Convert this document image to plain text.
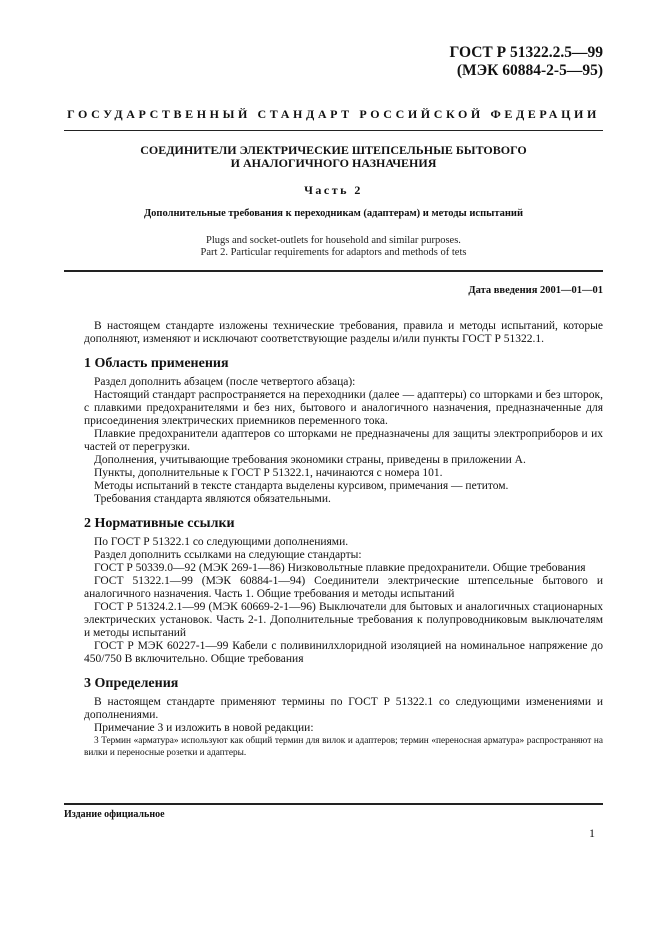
ГОСТ Р 51322.2.5—99
(МЭК 60884-2-5—95)
ГОСУДАРСТВЕННЫЙ СТАНДАРТ РОССИЙСКОЙ ФЕДЕРАЦИИ
СОЕДИНИТЕЛИ ЭЛЕКТРИЧЕСКИЕ ШТЕПСЕЛЬНЫЕ БЫТОВОГО
И АНАЛОГИЧНОГО НАЗНАЧЕНИЯ
Часть 2
Дополнительные требования к переходникам (адаптерам) и методы испытаний
Plugs and socket-outlets for household and similar purposes.
Part 2. Particular requirements for adaptors and methods of tets
Дата введения 2001—01—01

В настоящем стандарте изложены технические требования, правила и методы испытаний, которые дополняют, изменяют и исключают соответствующие разделы и/или пункты ГОСТ Р 51322.1.

1 Область применения

Раздел дополнить абзацем (после четвертого абзаца):

Настоящий стандарт распространяется на переходники (далее — адаптеры) со шторками и без шторок, с плавкими предохранителями и без них, бытового и аналогичного назначения, предназначенные для присоединения электрических приемников переменного тока.

Плавкие предохранители адаптеров со шторками не предназначены для защиты электроприборов и их частей от перегрузки.

Дополнения, учитывающие требования экономики страны, приведены в приложении А.

Пункты, дополнительные к ГОСТ Р 51322.1, начинаются с номера 101.

Методы испытаний в тексте стандарта выделены курсивом, примечания — петитом.

Требования стандарта являются обязательными.

2 Нормативные ссылки

По ГОСТ Р 51322.1 со следующими дополнениями.

Раздел дополнить ссылками на следующие стандарты:

ГОСТ Р 50339.0—92 (МЭК 269-1—86) Низковольтные плавкие предохранители. Общие требования

ГОСТ 51322.1—99 (МЭК 60884-1—94) Соединители электрические штепсельные бытового и аналогичного назначения. Часть 1. Общие требования и методы испытаний

ГОСТ Р 51324.2.1—99 (МЭК 60669-2-1—96) Выключатели для бытовых и аналогичных стационарных электрических установок. Часть 2-1. Дополнительные требования к полупроводниковым выключателям и методы испытаний

ГОСТ Р МЭК 60227-1—99 Кабели с поливинилхлоридной изоляцией на номинальное напряжение до 450/750 В включительно. Общие требования

3 Определения

В настоящем стандарте применяют термины по ГОСТ Р 51322.1 со следующими изменениями и дополнениями.

Примечание 3 и изложить в новой редакции:

3 Термин «арматура» используют как общий термин для вилок и адаптеров; термин «переносная арматура» распространяют на вилки и переносные розетки и адаптеры.

Издание официальное
1
